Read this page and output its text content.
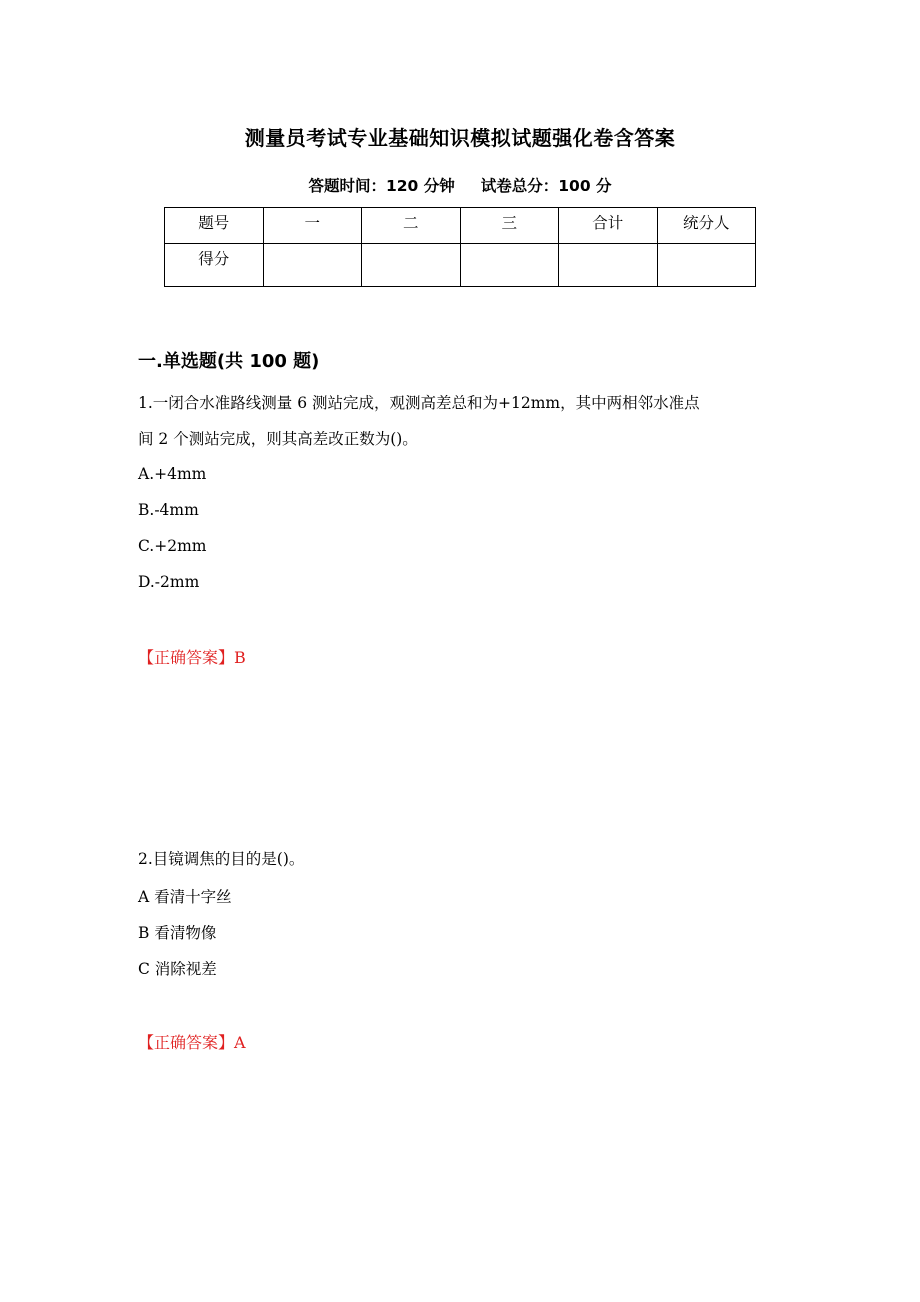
测量员考试专业基础知识模拟试题强化卷含答案
答题时间：120 分钟 试卷总分：100 分
题号	一	二	三	合计	统分人
得分					
一.单选题(共 100 题)
1.一闭合水准路线测量 6 测站完成，观测高差总和为+12mm，其中两相邻水准点
间 2 个测站完成，则其高差改正数为()。
A.+4mm
B.-4mm
C.+2mm
D.-2mm
【正确答案】B
2.目镜调焦的目的是()。
A 看清十字丝
B 看清物像
C 消除视差
【正确答案】A
